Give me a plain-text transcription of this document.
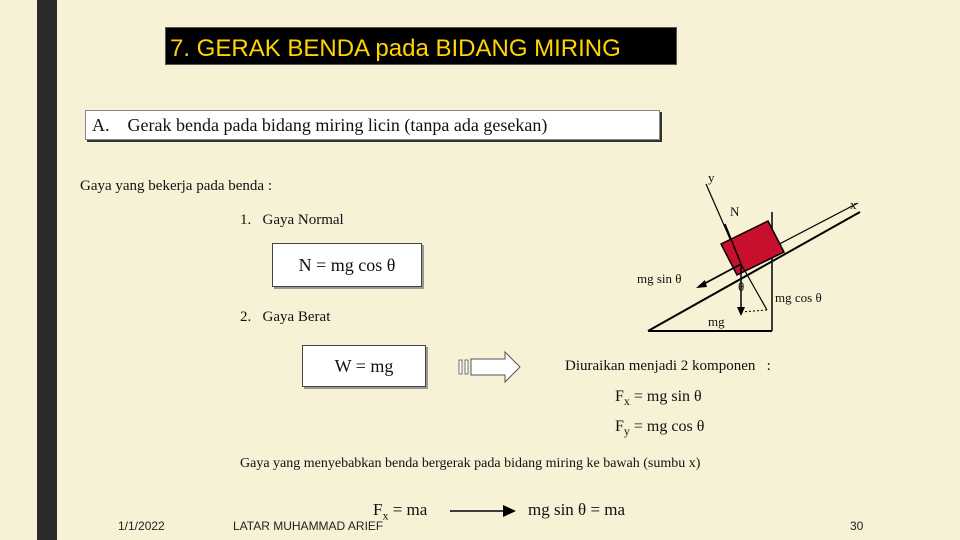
7. GERAK BENDA pada BIDANG MIRING
A.    Gerak benda pada bidang miring licin (tanpa ada gesekan)
Gaya yang bekerja pada benda :
1.   Gaya Normal
N = mg cos θ
2.   Gaya Berat
W = mg
y
x
N
mg sin θ
θ
mg cos θ
mg
Diuraikan menjadi 2 komponen   :
$F_x$ = mg sin θ
$F_y$ = mg cos θ
Gaya yang menyebabkan benda bergerak pada bidang miring ke bawah (sumbu x)
$F_x$ = ma	mg sin θ = ma
1/1/2022	LATAR MUHAMMAD ARIEF	30
